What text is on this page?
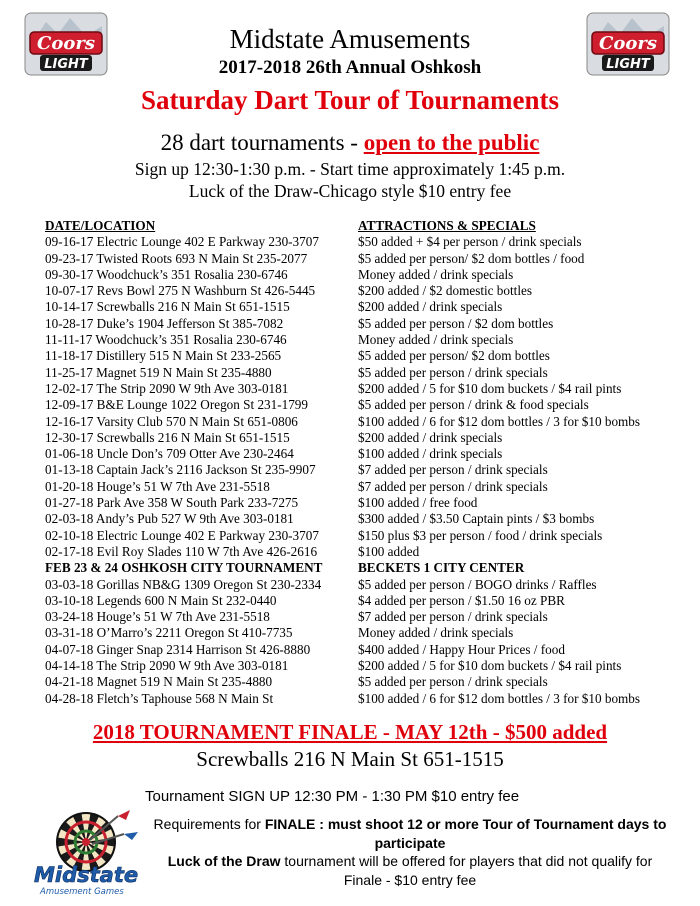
Coors
LIGHT
Coors
LIGHT
Midstate Amusements
2017-2018 26th Annual Oshkosh
Saturday Dart Tour of Tournaments
28 dart tournaments - open to the public
Sign up 12:30-1:30 p.m. - Start time approximately 1:45 p.m.
Luck of the Draw-Chicago style $10 entry fee
DATE/LOCATION	ATTRACTIONS & SPECIALS
09-16-17 Electric Lounge 402 E Parkway 230-3707	$50 added + $4 per person / drink specials
09-23-17 Twisted Roots 693 N Main St 235-2077	$5 added per person/ $2 dom bottles / food
09-30-17 Woodchuck’s 351 Rosalia 230-6746	Money added / drink specials
10-07-17 Revs Bowl 275 N Washburn St 426-5445	$200 added / $2 domestic bottles
10-14-17 Screwballs 216 N Main St 651-1515	$200 added / drink specials
10-28-17 Duke’s 1904 Jefferson St 385-7082	$5 added per person / $2 dom bottles
11-11-17 Woodchuck’s 351 Rosalia 230-6746	Money added / drink specials
11-18-17 Distillery 515 N Main St 233-2565	$5 added per person/ $2 dom bottles
11-25-17 Magnet 519 N Main St 235-4880	$5 added per person / drink specials
12-02-17 The Strip 2090 W 9th Ave 303-0181	$200 added / 5 for $10 dom buckets / $4 rail pints
12-09-17 B&E Lounge 1022 Oregon St 231-1799	$5 added per person / drink & food specials
12-16-17 Varsity Club 570 N Main St 651-0806	$100 added / 6 for $12 dom bottles / 3 for $10 bombs
12-30-17 Screwballs 216 N Main St 651-1515	$200 added / drink specials
01-06-18 Uncle Don’s 709 Otter Ave 230-2464	$100 added / drink specials
01-13-18 Captain Jack’s 2116 Jackson St 235-9907	$7 added per person / drink specials
01-20-18 Houge’s 51 W 7th Ave 231-5518	$7 added per person / drink specials
01-27-18 Park Ave 358 W South Park 233-7275	$100 added / free food
02-03-18 Andy’s Pub 527 W 9th Ave 303-0181	$300 added / $3.50 Captain pints / $3 bombs
02-10-18 Electric Lounge 402 E Parkway 230-3707	$150 plus $3 per person / food / drink specials
02-17-18 Evil Roy Slades 110 W 7th Ave 426-2616	$100 added
FEB 23 & 24 OSHKOSH CITY TOURNAMENT	BECKETS 1 CITY CENTER
03-03-18 Gorillas NB&G 1309 Oregon St 230-2334	$5 added per person / BOGO drinks / Raffles
03-10-18 Legends 600 N Main St 232-0440	$4 added per person / $1.50 16 oz PBR
03-24-18 Houge’s 51 W 7th Ave 231-5518	$7 added per person / drink specials
03-31-18 O’Marro’s 2211 Oregon St 410-7735	Money added / drink specials
04-07-18 Ginger Snap 2314 Harrison St 426-8880	$400 added / Happy Hour Prices / food
04-14-18 The Strip 2090 W 9th Ave 303-0181	$200 added / 5 for $10 dom buckets / $4 rail pints
04-21-18 Magnet 519 N Main St 235-4880	$5 added per person / drink specials
04-28-18 Fletch’s Taphouse 568 N Main St	$100 added / 6 for $12 dom bottles / 3 for $10 bombs
2018 TOURNAMENT FINALE - MAY 12th - $500 added
Screwballs 216 N Main St 651-1515
Tournament SIGN UP 12:30 PM - 1:30 PM $10 entry fee
Midstate
Amusement Games
Requirements for FINALE : must shoot 12 or more Tour of Tournament days to participate
Luck of the Draw tournament will be offered for players that did not qualify for Finale - $10 entry fee
